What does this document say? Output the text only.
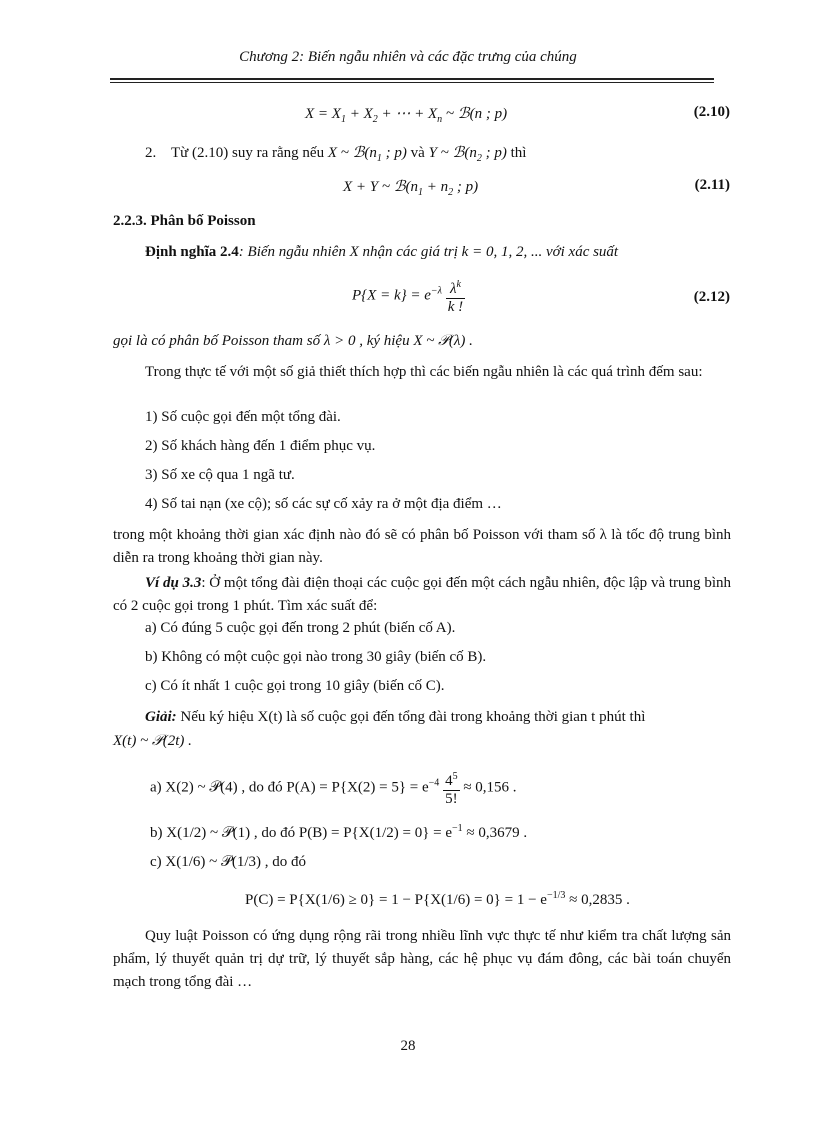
Chương 2: Biến ngẫu nhiên và các đặc trưng của chúng
$X = X_1 + X_2$ + ⋯ + $X_n$ ~ ℬ(n ; p)	(2.10)
2. Từ (2.10) suy ra rằng nếu X ~ $ℬ(n_1$ ; p) và Y ~ $ℬ(n_2$ ; p) thì
X + Y ~ $ℬ(n_1 + n_2$ ; p)	(2.11)
2.2.3. Phân bố Poisson
Định nghĩa 2.4: Biến ngẫu nhiên X nhận các giá trị k = 0, 1, 2, ... với xác suất
$P\{X = k\} = e^{-\lambda} \frac{\lambda^k}{k !}$	(2.12)
gọi là có phân bố Poisson tham số λ > 0 , ký hiệu X ~ 𝒫(λ) .
Trong thực tế với một số giả thiết thích hợp thì các biến ngẫu nhiên là các quá trình đếm sau:
1) Số cuộc gọi đến một tổng đài.
2) Số khách hàng đến 1 điểm phục vụ.
3) Số xe cộ qua 1 ngã tư.
4) Số tai nạn (xe cộ); số các sự cố xảy ra ở một địa điểm …
trong một khoảng thời gian xác định nào đó sẽ có phân bố Poisson với tham số λ là tốc độ trung bình diễn ra trong khoảng thời gian này.
Ví dụ 3.3: Ở một tổng đài điện thoại các cuộc gọi đến một cách ngẫu nhiên, độc lập và trung bình có 2 cuộc gọi trong 1 phút. Tìm xác suất để:
a) Có đúng 5 cuộc gọi đến trong 2 phút (biến cố A).
b) Không có một cuộc gọi nào trong 30 giây (biến cố B).
c) Có ít nhất 1 cuộc gọi trong 10 giây (biến cố C).
Giải: Nếu ký hiệu X(t) là số cuộc gọi đến tổng đài trong khoảng thời gian t phút thì
X(t) ~ 𝒫(2t) .
a) X(2) ~ 𝒫(4) , do đó $P(A) = P\{X(2) = 5\} = e^{-4} \frac{4^5}{5!} \approx 0,156$ .
b) X(1/2) ~ 𝒫(1) , do đó $P(B) = P\{X(1/2) = 0\} = e^{-1} \approx 0,3679$ .
c) X(1/6) ~ 𝒫(1/3) , do đó
$P(C) = P\{X(1/6) \ge 0\} = 1 - P\{X(1/6) = 0\} = 1 - e^{-1/3} \approx 0,2835$ .
Quy luật Poisson có ứng dụng rộng rãi trong nhiều lĩnh vực thực tế như kiểm tra chất lượng sản phẩm, lý thuyết quản trị dự trữ, lý thuyết sắp hàng, các hệ phục vụ đám đông, các bài toán chuyển mạch trong tổng đài …
28
